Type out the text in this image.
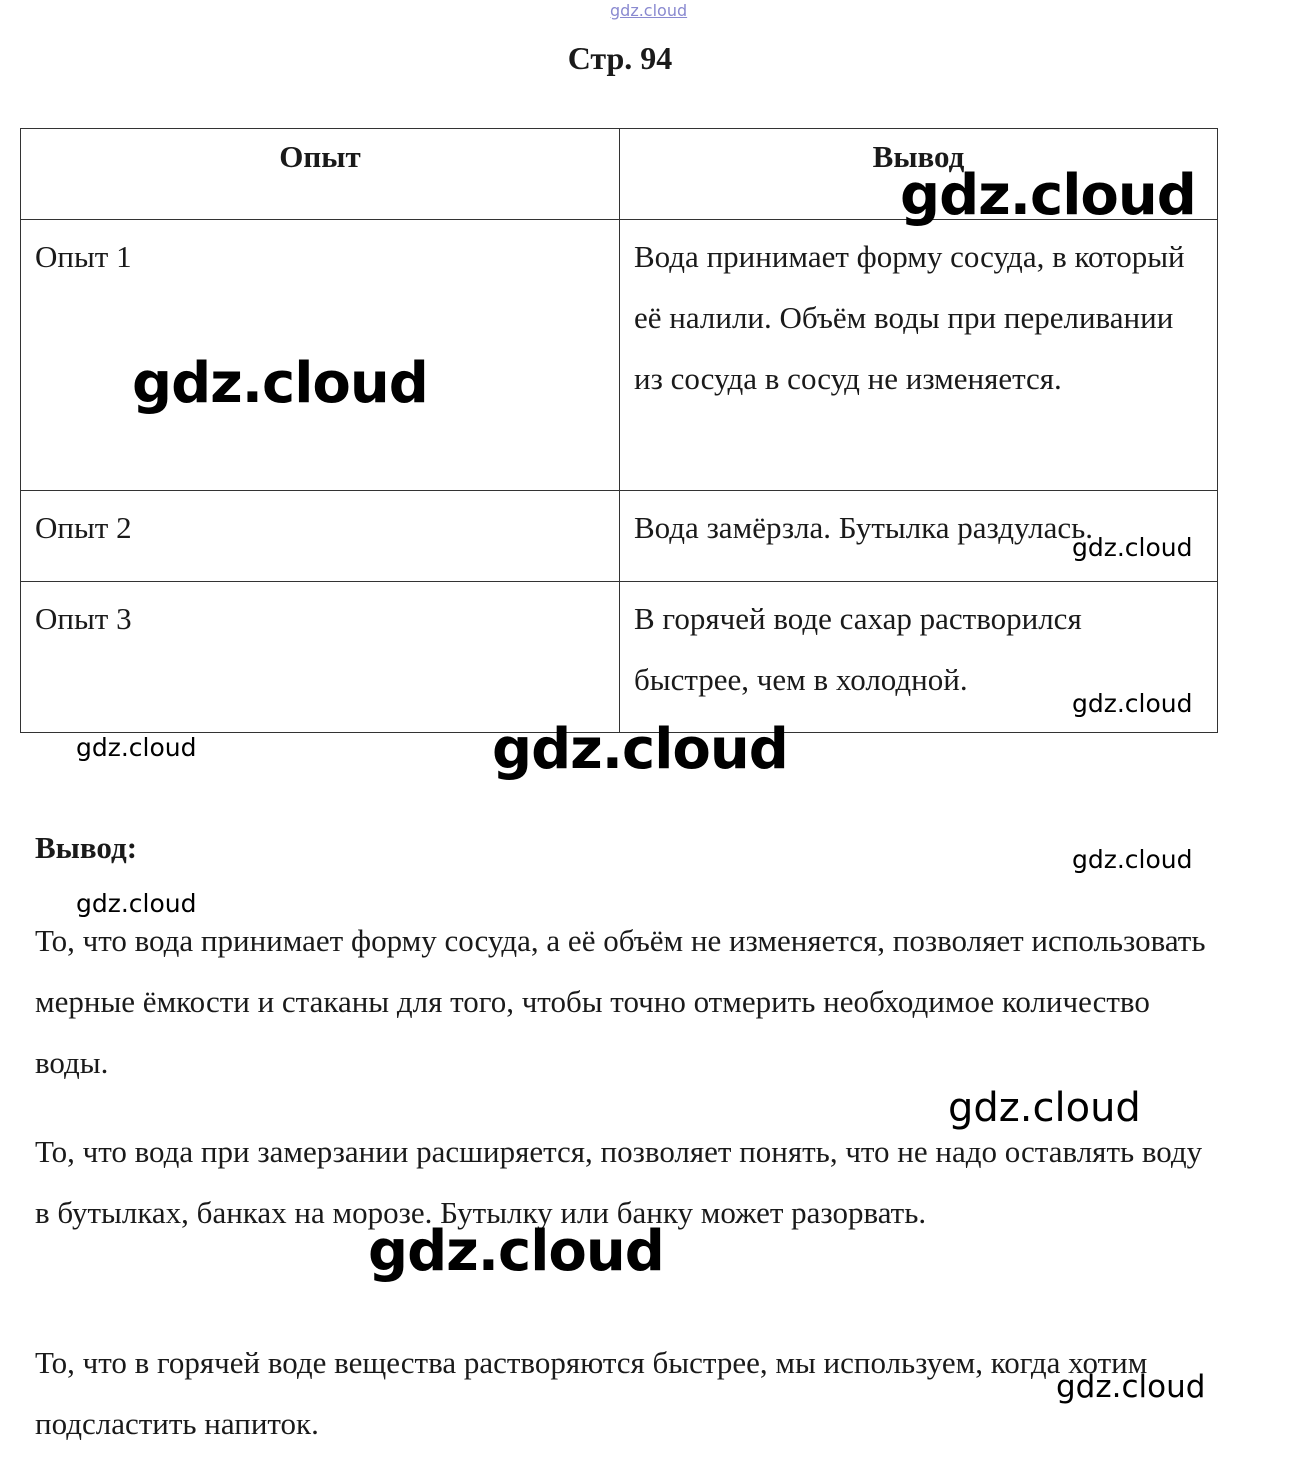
gdz.cloud
Стр. 94
Опыт	Вывод
Опыт 1	Вода принимает форму сосуда, в который её налили. Объём воды при переливании из сосуда в сосуд не изменяется.
Опыт 2	Вода замёрзла. Бутылка раздулась.
Опыт 3	В горячей воде сахар растворился быстрее, чем в холодной.
Вывод:

То, что вода принимает форму сосуда, а её объём не изменяется, позволяет использовать мерные ёмкости и стаканы для того, чтобы точно отмерить необходимое количество воды.

То, что вода при замерзании расширяется, позволяет понять, что не надо оставлять воду в бутылках, банках на морозе. Бутылку или банку может разорвать.

То, что в горячей воде вещества растворяются быстрее, мы используем, когда хотим подсластить напиток.

gdz.cloud
gdz.cloud
gdz.cloud
gdz.cloud
gdz.cloud
gdz.cloud
gdz.cloud
gdz.cloud
gdz.cloud
gdz.cloud
gdz.cloud
